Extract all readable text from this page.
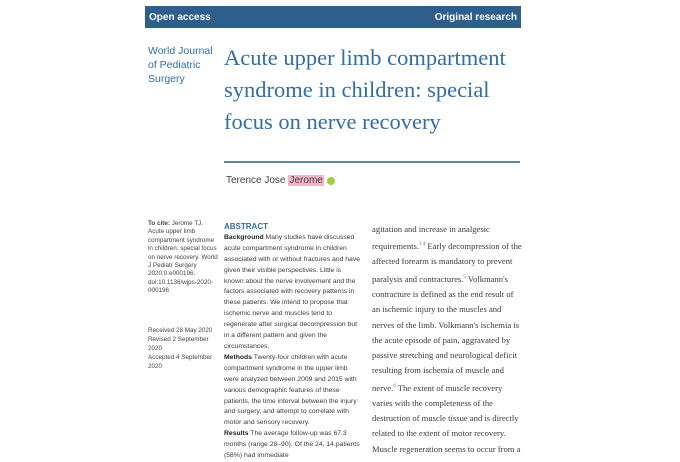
Open access	Original research
World Journal of Pediatric Surgery
Acute upper limb compartment syndrome in children: special focus on nerve recovery
Terence Jose Jerome
To cite: Jerome TJ. Acute upper limb compartment syndrome in children: special focus on nerve recovery. World J Pediatr Surgery 2020;0:e000196. doi:10.1136/wjps-2020-000196
Received 28 May 2020
Revised 2 September 2020
Accepted 4 September 2020
ABSTRACT
Background Many studies have discussed acute compartment syndrome in children associated with or without fractures and have given their visible perspectives. Little is known about the nerve involvement and the factors associated with recovery patterns in these patients. We intend to propose that ischemic nerve and muscles tend to regenerate after surgical decompression but in a different pattern and given the circumstances.
Methods Twenty-four children with acute compartment syndrome in the upper limb were analyzed between 2009 and 2015 with various demographic features of these patients, the time interval between the injury and surgery, and attempt to correlate with motor and sensory recovery.
Results The average follow-up was 67.3 months (range 28–90). Of the 24, 14 patients (58%) had immediate
agitation and increase in analgesic requirements.$^{3 4}$ Early decompression of the affected forearm is mandatory to prevent paralysis and contractures.$^5$ Volkmann's contracture is defined as the end result of an ischemic injury to the muscles and nerves of the limb. Volkmann's ischemia is the acute episode of pain, aggravated by passive stretching and neurological deficit resulting from ischemia of muscle and nerve.$^6$ The extent of muscle recovery varies with the completeness of the destruction of muscle tissue and is directly related to the extent of motor recovery. Muscle regeneration seems to occur from a
